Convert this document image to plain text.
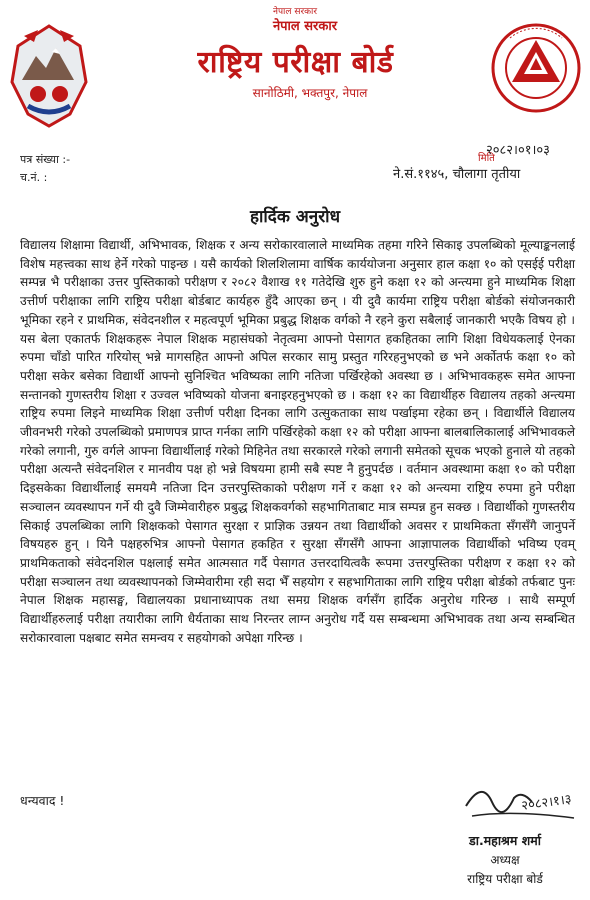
नेपाल सरकार
नेपाल सरकार
राष्ट्रिय परीक्षा बोर्ड
सानोठिमी, भक्तपुर, नेपाल
पत्र संख्या :-
च.नं. :
मिति
२०८२।०१।०३
ने.सं.११४५, चौलागा तृतीया
हार्दिक अनुरोध

विद्यालय शिक्षामा विद्यार्थी, अभिभावक, शिक्षक र अन्य सरोकारवालाले माध्यमिक तहमा गरिने सिकाइ उपलब्धिको मूल्याङ्कनलाई विशेष महत्त्वका साथ हेर्ने गरेको पाइन्छ । यसै कार्यको शिलशिलामा वार्षिक कार्ययोजना अनुसार हाल कक्षा १० को एसईई परीक्षा सम्पन्न भै परीक्षाका उत्तर पुस्तिकाको परीक्षण र २०८२ वैशाख ११ गतेदेखि शुरु हुने कक्षा १२ को अन्त्यमा हुने माध्यमिक शिक्षा उत्तीर्ण परीक्षाका लागि राष्ट्रिय परीक्षा बोर्डबाट कार्यहरु हुँदै आएका छन् । यी दुवै कार्यमा राष्ट्रिय परीक्षा बोर्डको संयोजनकारी भूमिका रहने र प्राथमिक, संवेदनशील र महत्वपूर्ण भूमिका प्रबुद्ध शिक्षक वर्गको नै रहने कुरा सबैलाई जानकारी भएकै विषय हो । यस बेला एकातर्फ शिक्षकहरू नेपाल शिक्षक महासंघको नेतृत्वमा आफ्नो पेसागत हकहितका लागि शिक्षा विधेयकलाई ऐनका रुपमा चाँडो पारित गरियोस् भन्ने मागसहित आफ्नो अपिल सरकार सामु प्रस्तुत गरिरहनुभएको छ भने अर्कोतर्फ कक्षा १० को परीक्षा सकेर बसेका विद्यार्थी आफ्नो सुनिश्चित भविष्यका लागि नतिजा पर्खिरहेको अवस्था छ । अभिभावकहरू समेत आफ्ना सन्तानको गुणस्तरीय शिक्षा र उज्वल भविष्यको योजना बनाइरहनुभएको छ । कक्षा १२ का विद्यार्थीहरु विद्यालय तहको अन्त्यमा राष्ट्रिय रुपमा लिइने माध्यमिक शिक्षा उत्तीर्ण परीक्षा दिनका लागि उत्सुकताका साथ पर्खाइमा रहेका छन् । विद्यार्थीले विद्यालय जीवनभरी गरेको उपलब्धिको प्रमाणपत्र प्राप्त गर्नका लागि पर्खिरहेको कक्षा १२ को परीक्षा आफ्ना बालबालिकालाई अभिभावकले गरेको लगानी, गुरु वर्गले आफ्ना विद्यार्थीलाई गरेको मिहिनेत तथा सरकारले गरेको लगानी समेतको सूचक भएको हुनाले यो तहको परीक्षा अत्यन्तै संवेदनशिल र मानवीय पक्ष हो भन्ने विषयमा हामी सबै स्पष्ट नै हुनुपर्दछ । वर्तमान अवस्थामा कक्षा १० को परीक्षा दिइसकेका विद्यार्थीलाई समयमै नतिजा दिन उत्तरपुस्तिकाको परीक्षण गर्ने र कक्षा १२ को अन्त्यमा राष्ट्रिय रुपमा हुने परीक्षा सञ्चालन व्यवस्थापन गर्ने यी दुवै जिम्मेवारीहरु प्रबुद्ध शिक्षकवर्गको सहभागिताबाट मात्र सम्पन्न हुन सक्छ । विद्यार्थीको गुणस्तरीय सिकाई उपलब्धिका लागि शिक्षकको पेसागत सुरक्षा र प्राज्ञिक उन्नयन तथा विद्यार्थीको अवसर र प्राथमिकता सँगसँगै जानुपर्ने विषयहरु हुन् । यिनै पक्षहरुभित्र आफ्नो पेसागत हकहित र सुरक्षा सँगसँगै आफ्ना आज्ञापालक विद्यार्थीको भविष्य एवम् प्राथमिकताको संवेदनशिल पक्षलाई समेत आत्मसात गर्दै पेसागत उत्तरदायित्वकै रूपमा उत्तरपुस्तिका परीक्षण र कक्षा १२ को परीक्षा सञ्चालन तथा व्यवस्थापनको जिम्मेवारीमा रही सदा भैँ सहयोग र सहभागिताका लागि राष्ट्रिय परीक्षा बोर्डको तर्फबाट पुनः नेपाल शिक्षक महासङ्घ, विद्यालयका प्रधानाध्यापक तथा समग्र शिक्षक वर्गसँग हार्दिक अनुरोध गरिन्छ । साथै सम्पूर्ण विद्यार्थीहरुलाई परीक्षा तयारीका लागि धैर्यताका साथ निरन्तर लाग्न अनुरोध गर्दै यस सम्बन्धमा अभिभावक तथा अन्य सम्बन्धित सरोकारवाला पक्षबाट समेत समन्वय र सहयोगको अपेक्षा गरिन्छ ।

धन्यवाद !	२०८२।१।३
डा.महाश्रम शर्मा
अध्यक्ष
राष्ट्रिय परीक्षा बोर्ड
